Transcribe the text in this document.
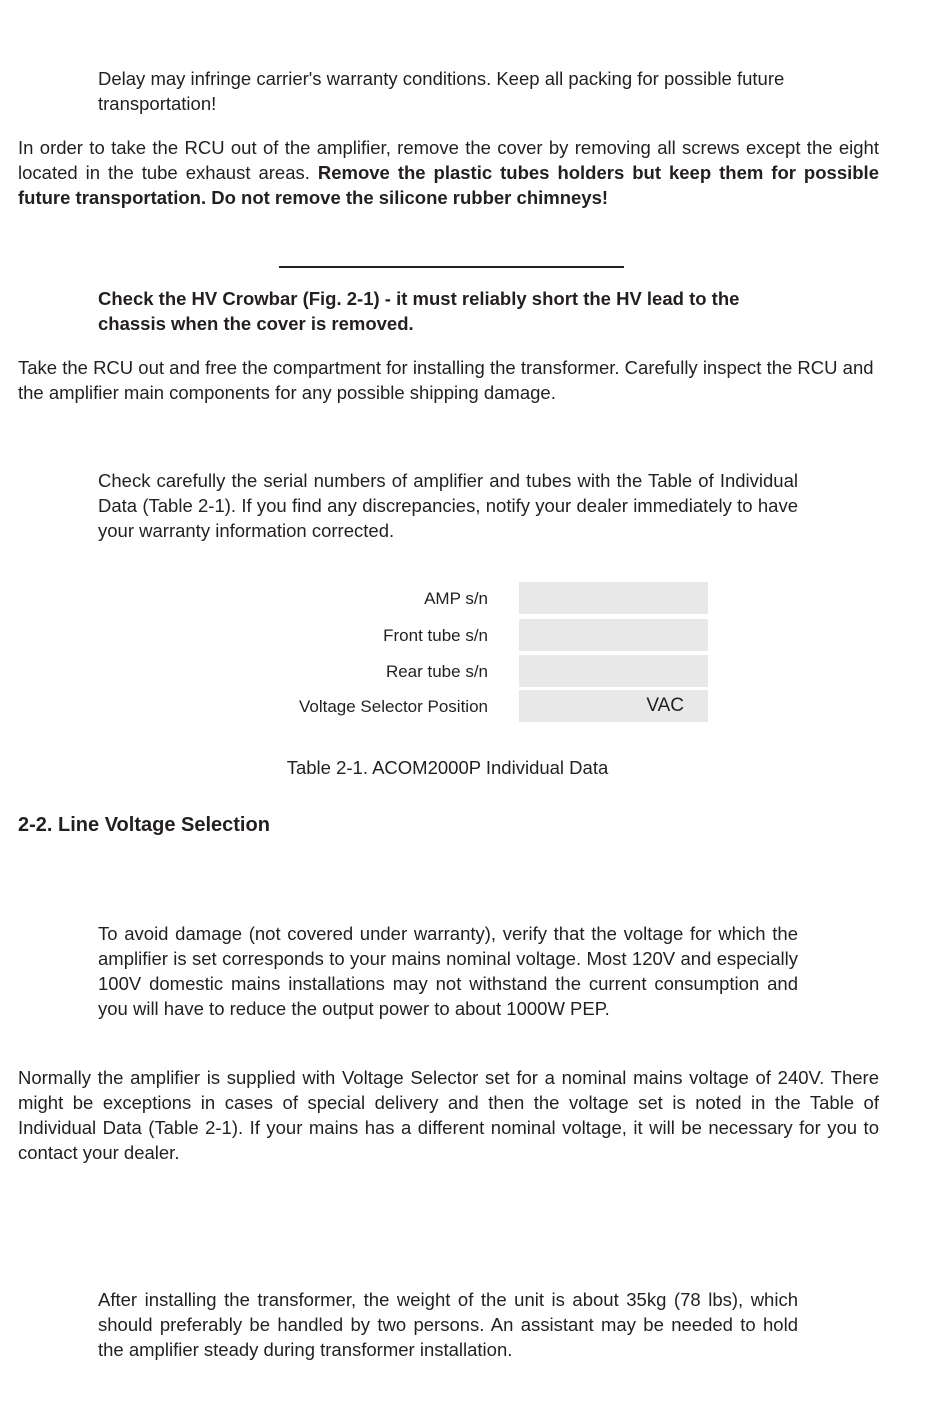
Delay may infringe carrier's warranty conditions. Keep all packing for possible future transportation!

In order to take the RCU out of the amplifier, remove the cover by removing all screws except the eight located in the tube exhaust areas. Remove the plastic tubes holders but keep them for possible future transportation. Do not remove the silicone rubber chimneys!

Check the HV Crowbar (Fig. 2-1) - it must reliably short the HV lead to the chassis when the cover is removed.

Take the RCU out and free the compartment for installing the transformer. Carefully inspect the RCU and the amplifier main components for any possible shipping damage.

Check carefully the serial numbers of amplifier and tubes with the Table of Individual Data (Table 2-1). If you find any discrepancies, notify your dealer immediately to have your warranty information corrected.

AMP s/n
Front tube s/n
Rear tube s/n
Voltage Selector Position	VAC
Table 2-1. ACOM2000P Individual Data
2-2. Line Voltage Selection

To avoid damage (not covered under warranty), verify that the voltage for which the amplifier is set corresponds to your mains nominal voltage. Most 120V and especially 100V domestic mains installations may not withstand the current consumption and you will have to reduce the output power to about 1000W PEP.

Normally the amplifier is supplied with Voltage Selector set for a nominal mains voltage of 240V. There might be exceptions in cases of special delivery and then the voltage set is noted in the Table of Individual Data (Table 2-1). If your mains has a different nominal voltage, it will be necessary for you to contact your dealer.

After installing the transformer, the weight of the unit is about 35kg (78 lbs), which should preferably be handled by two persons. An assistant may be needed to hold the amplifier steady during transformer installation.
